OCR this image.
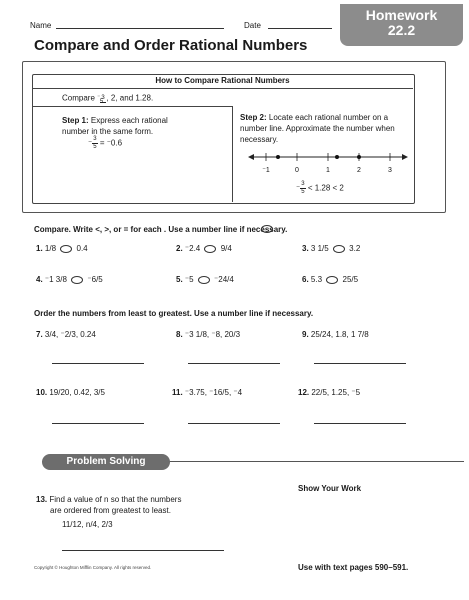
Name	Date
Homework
22.2
Compare and Order Rational Numbers
How to Compare Rational Numbers
Compare ⁻3
5 , 2, and 1.28.
Step 1: Express each rational
number in the same form.
⁻ $\frac{3}{5} = ^-0.6$
Step 2: Locate each rational number on a
number line. Approximate the number when
necessary.
⁻1	0	1	2	3
⁻ $\frac{3}{5} < 1.28 < 2$
Compare. Write <, >, or = for each . Use a number line if necessary.
1. 1/8	0.4	2. ⁻2.4	9/4	3. 3 1/5	3.2
4. ⁻1 3/8	⁻6/5	5. ⁻5	⁻24/4	6. 5.3	25/5
Order the numbers from least to greatest. Use a number line if necessary.
7. 3/4, ⁻2/3, 0.24	8. ⁻3 1/8, ⁻8, 20/3	9. 25/24, 1.8, 1 7/8
10. 19/20, 0.42, 3/5	11. ⁻3.75, ⁻16/5, ⁻4	12. 22/5, 1.25, ⁻5
Problem Solving
Show Your Work
13. Find a value of n so that the numbers
are ordered from greatest to least.
11/12, n/4, 2/3
Copyright © Houghton Mifflin Company. All rights reserved.	Use with text pages 590–591.
